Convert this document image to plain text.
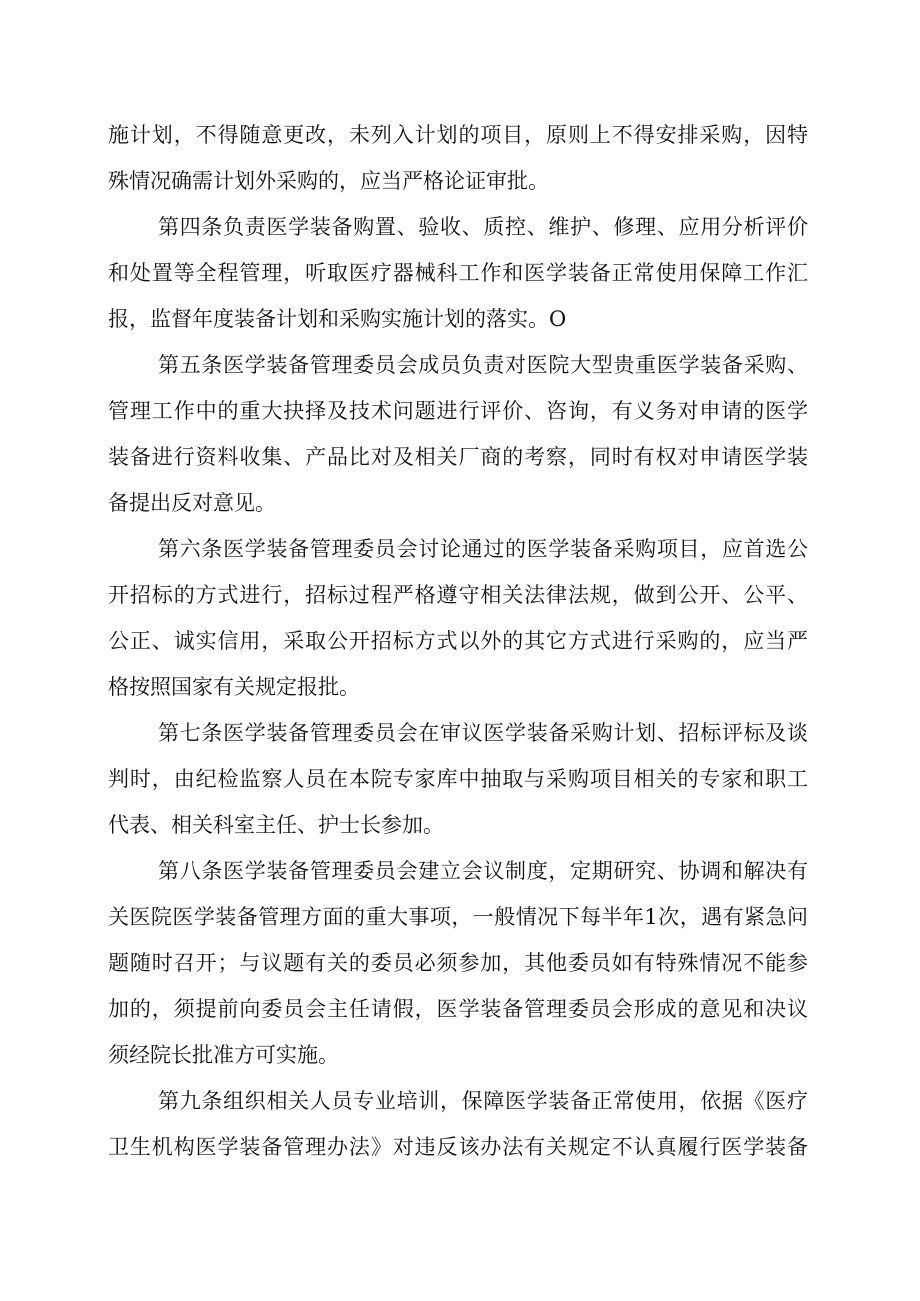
施计划，不得随意更改，未列入计划的项目，原则上不得安排采购，因特
殊情况确需计划外采购的，应当严格论证审批。
第四条负责医学装备购置、验收、质控、维护、修理、应用分析评价
和处置等全程管理，听取医疗器械科工作和医学装备正常使用保障工作汇
报，监督年度装备计划和采购实施计划的落实。O
第五条医学装备管理委员会成员负责对医院大型贵重医学装备采购、
管理工作中的重大抉择及技术问题进行评价、咨询，有义务对申请的医学
装备进行资料收集、产品比对及相关厂商的考察，同时有权对申请医学装
备提出反对意见。
第六条医学装备管理委员会讨论通过的医学装备采购项目，应首选公
开招标的方式进行，招标过程严格遵守相关法律法规，做到公开、公平、
公正、诚实信用，采取公开招标方式以外的其它方式进行采购的，应当严
格按照国家有关规定报批。
第七条医学装备管理委员会在审议医学装备采购计划、招标评标及谈
判时，由纪检监察人员在本院专家库中抽取与采购项目相关的专家和职工
代表、相关科室主任、护士长参加。
第八条医学装备管理委员会建立会议制度，定期研究、协调和解决有
关医院医学装备管理方面的重大事项，一般情况下每半年1次，遇有紧急问
题随时召开；与议题有关的委员必须参加，其他委员如有特殊情况不能参
加的，须提前向委员会主任请假，医学装备管理委员会形成的意见和决议
须经院长批准方可实施。
第九条组织相关人员专业培训，保障医学装备正常使用，依据《医疗
卫生机构医学装备管理办法》对违反该办法有关规定不认真履行医学装备
